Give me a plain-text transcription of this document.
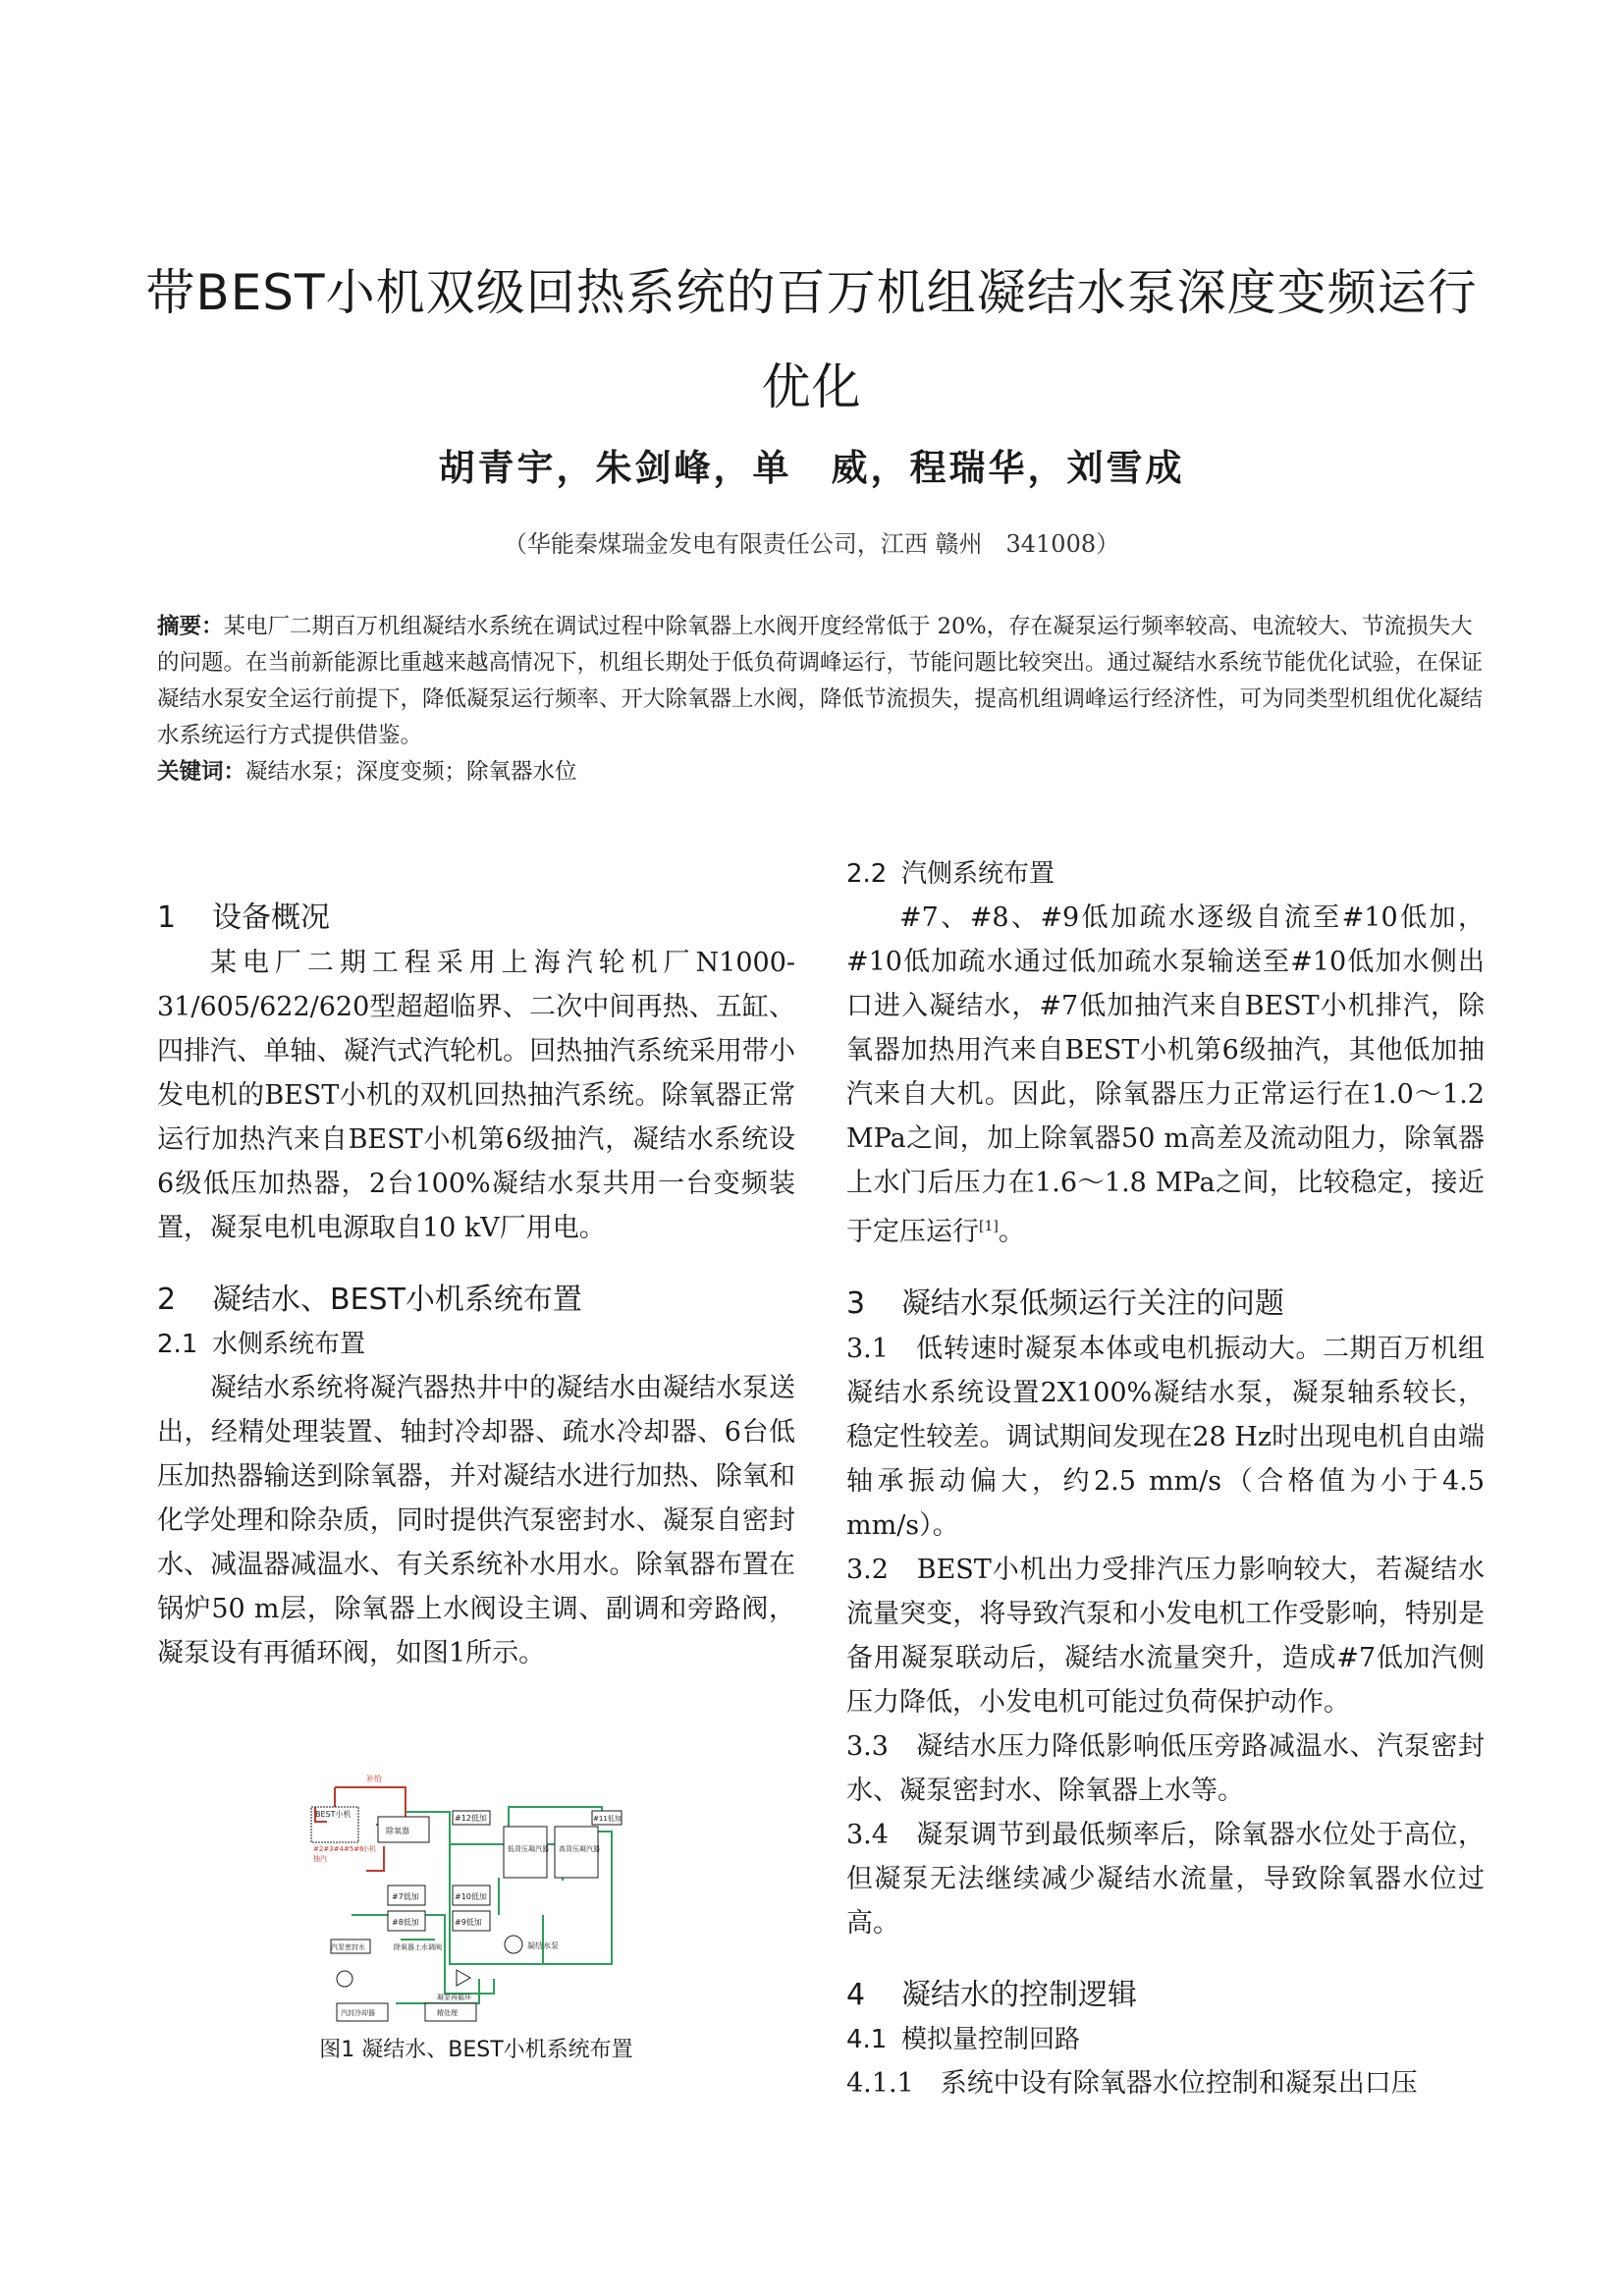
带BEST小机双级回热系统的百万机组凝结水泵深度变频运行优化
胡青宇，朱剑峰，单　威，程瑞华，刘雪成
（华能秦煤瑞金发电有限责任公司，江西 赣州　341008）

摘要：某电厂二期百万机组凝结水系统在调试过程中除氧器上水阀开度经常低于 20%，存在凝泵运行频率较高、电流较大、节流损失大的问题。在当前新能源比重越来越高情况下，机组长期处于低负荷调峰运行，节能问题比较突出。通过凝结水系统节能优化试验，在保证凝结水泵安全运行前提下，降低凝泵运行频率、开大除氧器上水阀，降低节流损失，提高机组调峰运行经济性，可为同类型机组优化凝结水系统运行方式提供借鉴。

关键词：凝结水泵；深度变频；除氧器水位

1 设备概况

某电厂二期工程采用上海汽轮机厂N1000-31/605/622/620型超超临界、二次中间再热、五缸、四排汽、单轴、凝汽式汽轮机。回热抽汽系统采用带小发电机的BEST小机的双机回热抽汽系统。除氧器正常运行加热汽来自BEST小机第6级抽汽，凝结水系统设6级低压加热器，2台100%凝结水泵共用一台变频装置，凝泵电机电源取自10 kV厂用电。

2 凝结水、BEST小机系统布置
2.1 水侧系统布置

凝结水系统将凝汽器热井中的凝结水由凝结水泵送出，经精处理装置、轴封冷却器、疏水冷却器、6台低压加热器输送到除氧器，并对凝结水进行加热、除氧和化学处理和除杂质，同时提供汽泵密封水、凝泵自密封水、减温器减温水、有关系统补水用水。除氧器布置在锅炉50 m层，除氧器上水阀设主调、副调和旁路阀，凝泵设有再循环阀，如图1所示。

补给
BEST小机
除氧器
#2#3#4#5#6
抽汽
小机
#7低加	#10低加
#8低加	#9低加
#12低加	#11低加
低背压凝汽器 高背压凝汽器
汽泵密封水	除氧器上水调阀	凝结水泵
凝泵再循环
汽封冷却器	精处理
图1 凝结水、BEST小机系统布置
2.2 汽侧系统布置

#7、#8、#9低加疏水逐级自流至#10低加，#10低加疏水通过低加疏水泵输送至#10低加水侧出口进入凝结水，#7低加抽汽来自BEST小机排汽，除氧器加热用汽来自BEST小机第6级抽汽，其他低加抽汽来自大机。因此，除氧器压力正常运行在1.0～1.2 MPa之间，加上除氧器50 m高差及流动阻力，除氧器上水门后压力在1.6～1.8 MPa之间，比较稳定，接近于定压运行[1]。

3 凝结水泵低频运行关注的问题

3.1　低转速时凝泵本体或电机振动大。二期百万机组凝结水系统设置2X100%凝结水泵，凝泵轴系较长，稳定性较差。调试期间发现在28 Hz时出现电机自由端轴承振动偏大，约2.5 mm/s（合格值为小于4.5 mm/s）。

3.2　BEST小机出力受排汽压力影响较大，若凝结水流量突变，将导致汽泵和小发电机工作受影响，特别是备用凝泵联动后，凝结水流量突升，造成#7低加汽侧压力降低，小发电机可能过负荷保护动作。

3.3　凝结水压力降低影响低压旁路减温水、汽泵密封水、凝泵密封水、除氧器上水等。

3.4　凝泵调节到最低频率后，除氧器水位处于高位，但凝泵无法继续减少凝结水流量，导致除氧器水位过高。

4 凝结水的控制逻辑
4.1 模拟量控制回路

4.1.1　系统中设有除氧器水位控制和凝泵出口压
